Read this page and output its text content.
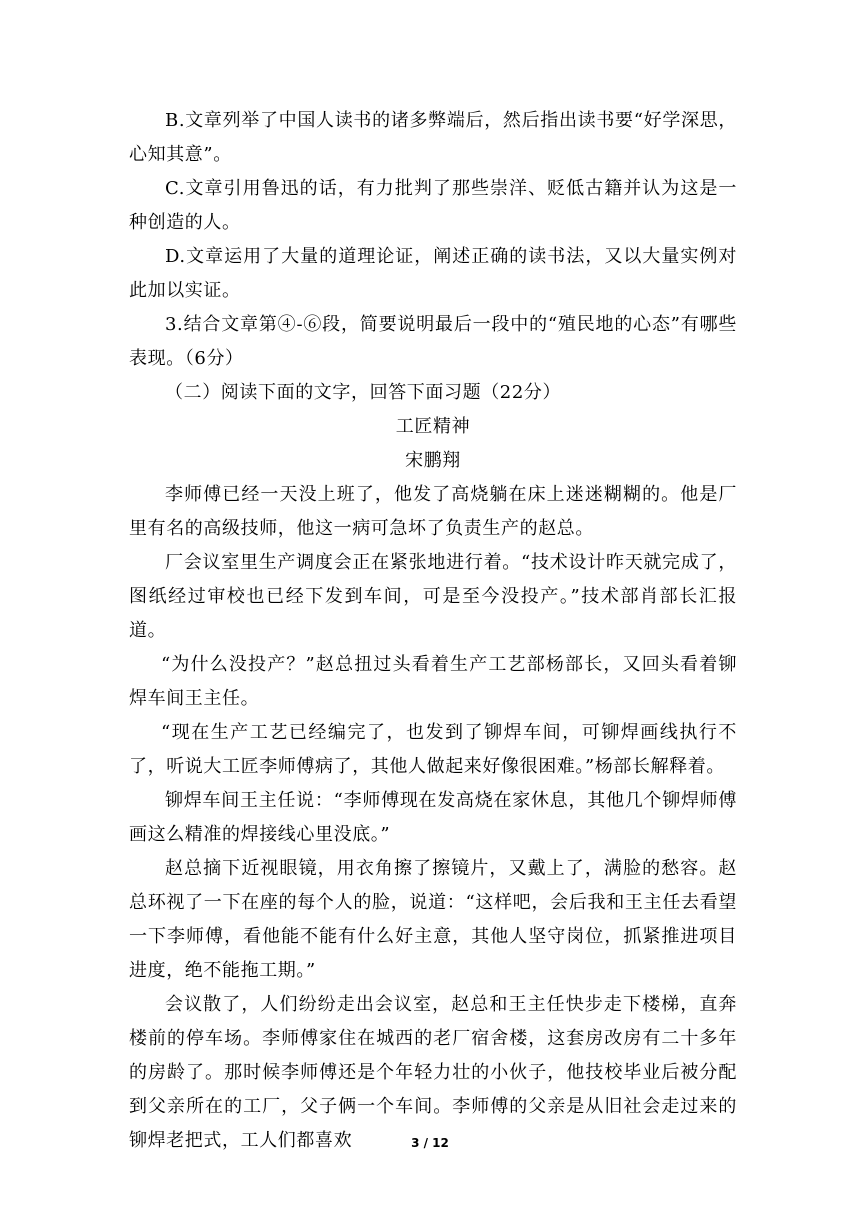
B.文章列举了中国人读书的诸多弊端后，然后指出读书要“好学深思，心知其意”。

C.文章引用鲁迅的话，有力批判了那些崇洋、贬低古籍并认为这是一种创造的人。

D.文章运用了大量的道理论证，阐述正确的读书法，又以大量实例对此加以实证。

3.结合文章第④-⑥段，简要说明最后一段中的“殖民地的心态”有哪些表现。（6分）

（二）阅读下面的文字，回答下面习题（22分）

工匠精神

宋鹏翔

李师傅已经一天没上班了，他发了高烧躺在床上迷迷糊糊的。他是厂里有名的高级技师，他这一病可急坏了负责生产的赵总。

厂会议室里生产调度会正在紧张地进行着。“技术设计昨天就完成了，图纸经过审校也已经下发到车间，可是至今没投产。”技术部肖部长汇报道。

“为什么没投产？”赵总扭过头看着生产工艺部杨部长，又回头看着铆焊车间王主任。

“现在生产工艺已经编完了，也发到了铆焊车间，可铆焊画线执行不了，听说大工匠李师傅病了，其他人做起来好像很困难。”杨部长解释着。

铆焊车间王主任说：“李师傅现在发高烧在家休息，其他几个铆焊师傅画这么精准的焊接线心里没底。”

赵总摘下近视眼镜，用衣角擦了擦镜片，又戴上了，满脸的愁容。赵总环视了一下在座的每个人的脸，说道：“这样吧，会后我和王主任去看望一下李师傅，看他能不能有什么好主意，其他人坚守岗位，抓紧推进项目进度，绝不能拖工期。”

会议散了，人们纷纷走出会议室，赵总和王主任快步走下楼梯，直奔楼前的停车场。李师傅家住在城西的老厂宿舍楼，这套房改房有二十多年的房龄了。那时候李师傅还是个年轻力壮的小伙子，他技校毕业后被分配到父亲所在的工厂，父子俩一个车间。李师傅的父亲是从旧社会走过来的铆焊老把式，工人们都喜欢	3 / 12
